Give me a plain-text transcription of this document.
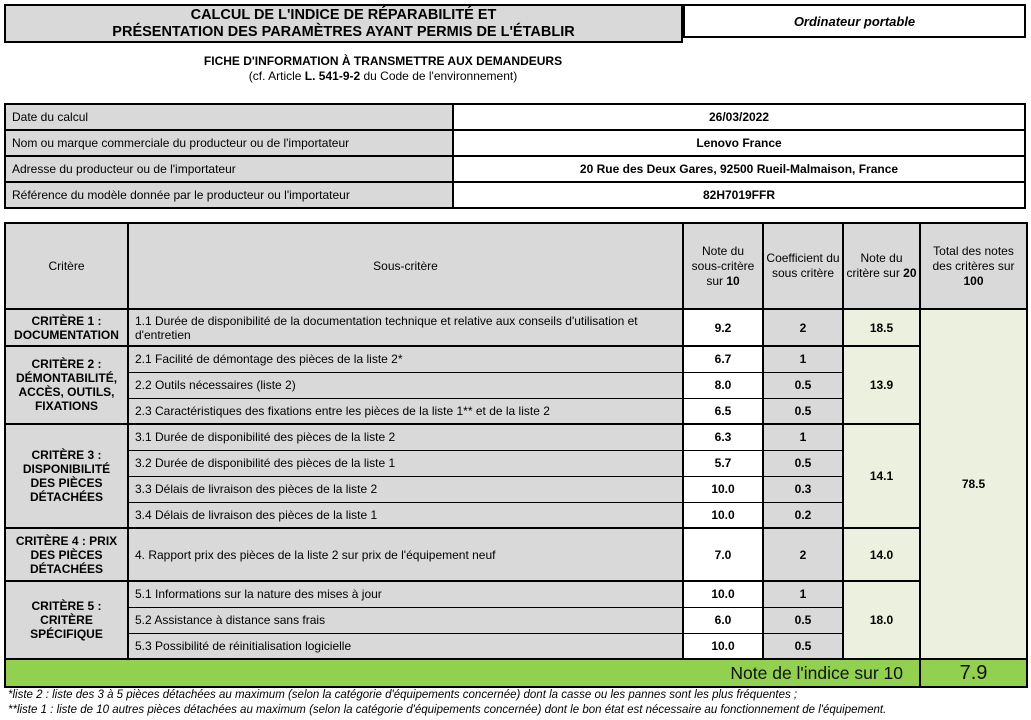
CALCUL DE L'INDICE DE RÉPARABILITÉ ET
PRÉSENTATION DES PARAMÈTRES AYANT PERMIS DE L'ÉTABLIR
Ordinateur portable
FICHE D'INFORMATION À TRANSMETTRE AUX DEMANDEURS
(cf. Article L. 541-9-2 du Code de l'environnement)
Date du calcul	26/03/2022
Nom ou marque commerciale du producteur ou de l'importateur	Lenovo France
Adresse du producteur ou de l'importateur	20 Rue des Deux Gares, 92500 Rueil-Malmaison, France
Référence du modèle donnée par le producteur ou l'importateur	82H7019FFR
Critère	Sous-critère	Note du sous-critère sur 10	Coefficient du sous critère	Note du critère sur 20	Total des notes des critères sur 100
CRITÈRE 1 : DOCUMENTATION	1.1 Durée de disponibilité de la documentation technique et relative aux conseils d'utilisation et d'entretien	9.2	2	18.5	78.5
CRITÈRE 2 : DÉMONTABILITÉ, ACCÈS, OUTILS, FIXATIONS	2.1 Facilité de démontage des pièces de la liste 2*	6.7	1	13.9	
	2.2 Outils nécessaires (liste 2)	8.0	0.5		
	2.3 Caractéristiques des fixations entre les pièces de la liste 1** et de la liste 2	6.5	0.5		
CRITÈRE 3 : DISPONIBILITÉ DES PIÈCES DÉTACHÉES	3.1 Durée de disponibilité des pièces de la liste 2	6.3	1	14.1	
	3.2 Durée de disponibilité des pièces de la liste 1	5.7	0.5		
	3.3 Délais de livraison des pièces de la liste 2	10.0	0.3		
	3.4 Délais de livraison des pièces de la liste 1	10.0	0.2		
CRITÈRE 4 : PRIX DES PIÈCES DÉTACHÉES	4. Rapport prix des pièces de la liste 2 sur prix de l'équipement neuf	7.0	2	14.0	
CRITÈRE 5 : CRITÈRE SPÉCIFIQUE	5.1 Informations sur la nature des mises à jour	10.0	1	18.0	
	5.2 Assistance à distance sans frais	6.0	0.5		
	5.3 Possibilité de réinitialisation logicielle	10.0	0.5		
Note de l'indice sur 10					7.9
*liste 2 : liste des 3 à 5 pièces détachées au maximum (selon la catégorie d'équipements concernée) dont la casse ou les pannes sont les plus fréquentes ;
**liste 1 : liste de 10 autres pièces détachées au maximum (selon la catégorie d'équipements concernée) dont le bon état est nécessaire au fonctionnement de l'équipement.
